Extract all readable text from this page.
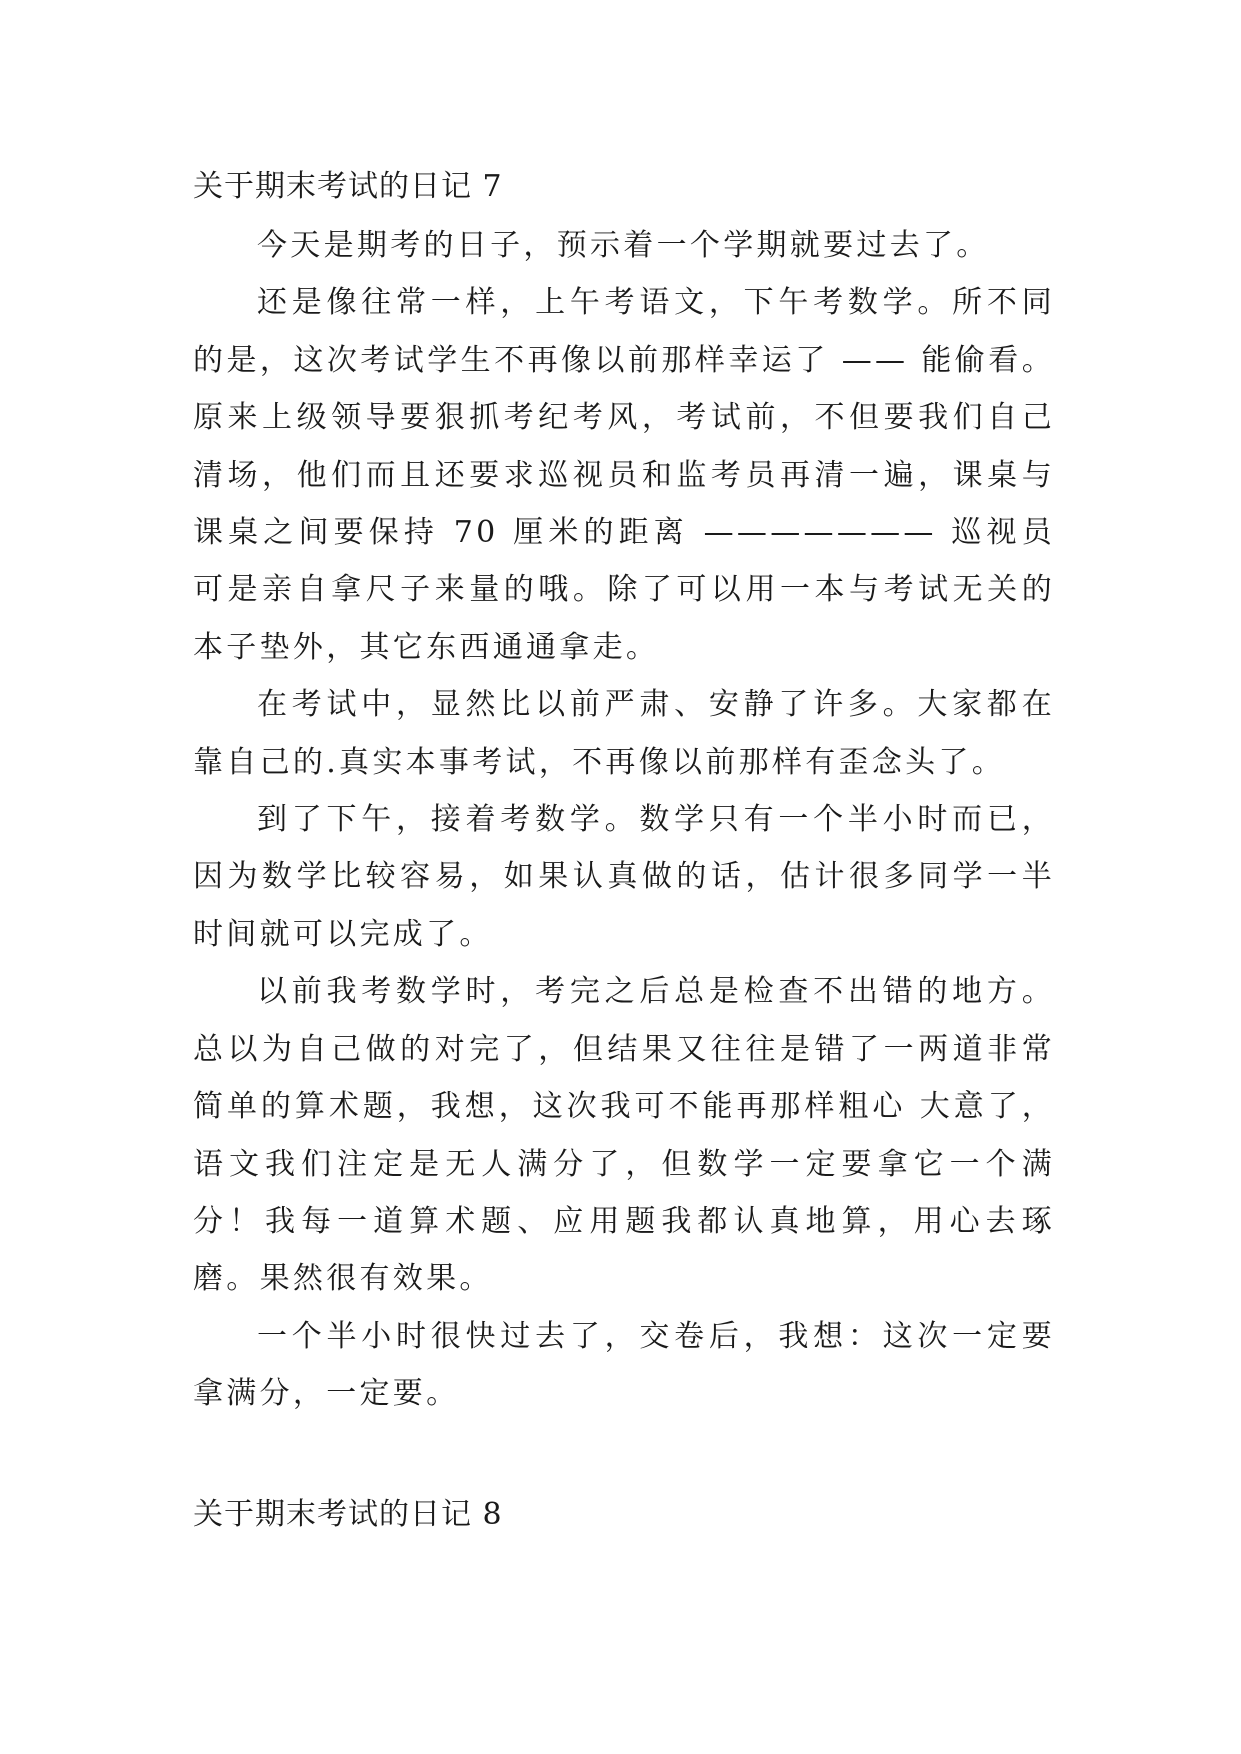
关于期末考试的日记 7

今天是期考的日子，预示着一个学期就要过去了。

还是像往常一样，上午考语文，下午考数学。所不同的是，这次考试学生不再像以前那样幸运了 —— 能偷看。原来上级领导要狠抓考纪考风，考试前，不但要我们自己清场，他们而且还要求巡视员和监考员再清一遍，课桌与课桌之间要保持 70 厘米的距离 ——————— 巡视员可是亲自拿尺子来量的哦。除了可以用一本与考试无关的本子垫外，其它东西通通拿走。

在考试中，显然比以前严肃、安静了许多。大家都在靠自己的.真实本事考试，不再像以前那样有歪念头了。

到了下午，接着考数学。数学只有一个半小时而已，因为数学比较容易，如果认真做的话，估计很多同学一半时间就可以完成了。

以前我考数学时，考完之后总是检查不出错的地方。总以为自己做的对完了，但结果又往往是错了一两道非常简单的算术题，我想，这次我可不能再那样粗心 大意了，语文我们注定是无人满分了，但数学一定要拿它一个满分！我每一道算术题、应用题我都认真地算，用心去琢磨。果然很有效果。

一个半小时很快过去了，交卷后，我想：这次一定要拿满分，一定要。

关于期末考试的日记 8
